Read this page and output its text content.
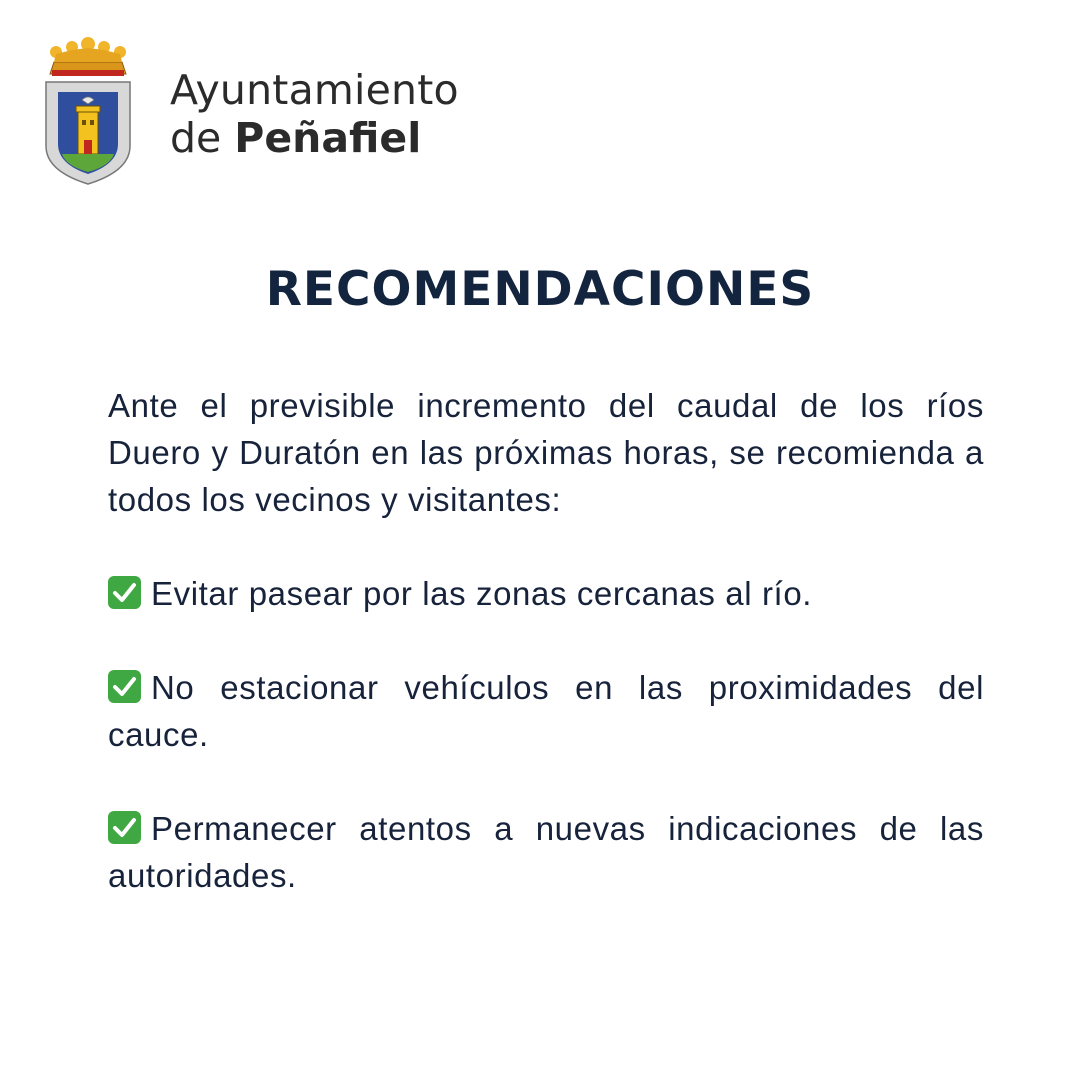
Ayuntamiento
de Peñafiel
RECOMENDACIONES

Ante el previsible incremento del caudal de los ríos Duero y Duratón en las próximas horas, se recomienda a todos los vecinos y visitantes:

Evitar pasear por las zonas cercanas al río.

No estacionar vehículos en las proximidades del cauce.

Permanecer atentos a nuevas indicaciones de las autoridades.
